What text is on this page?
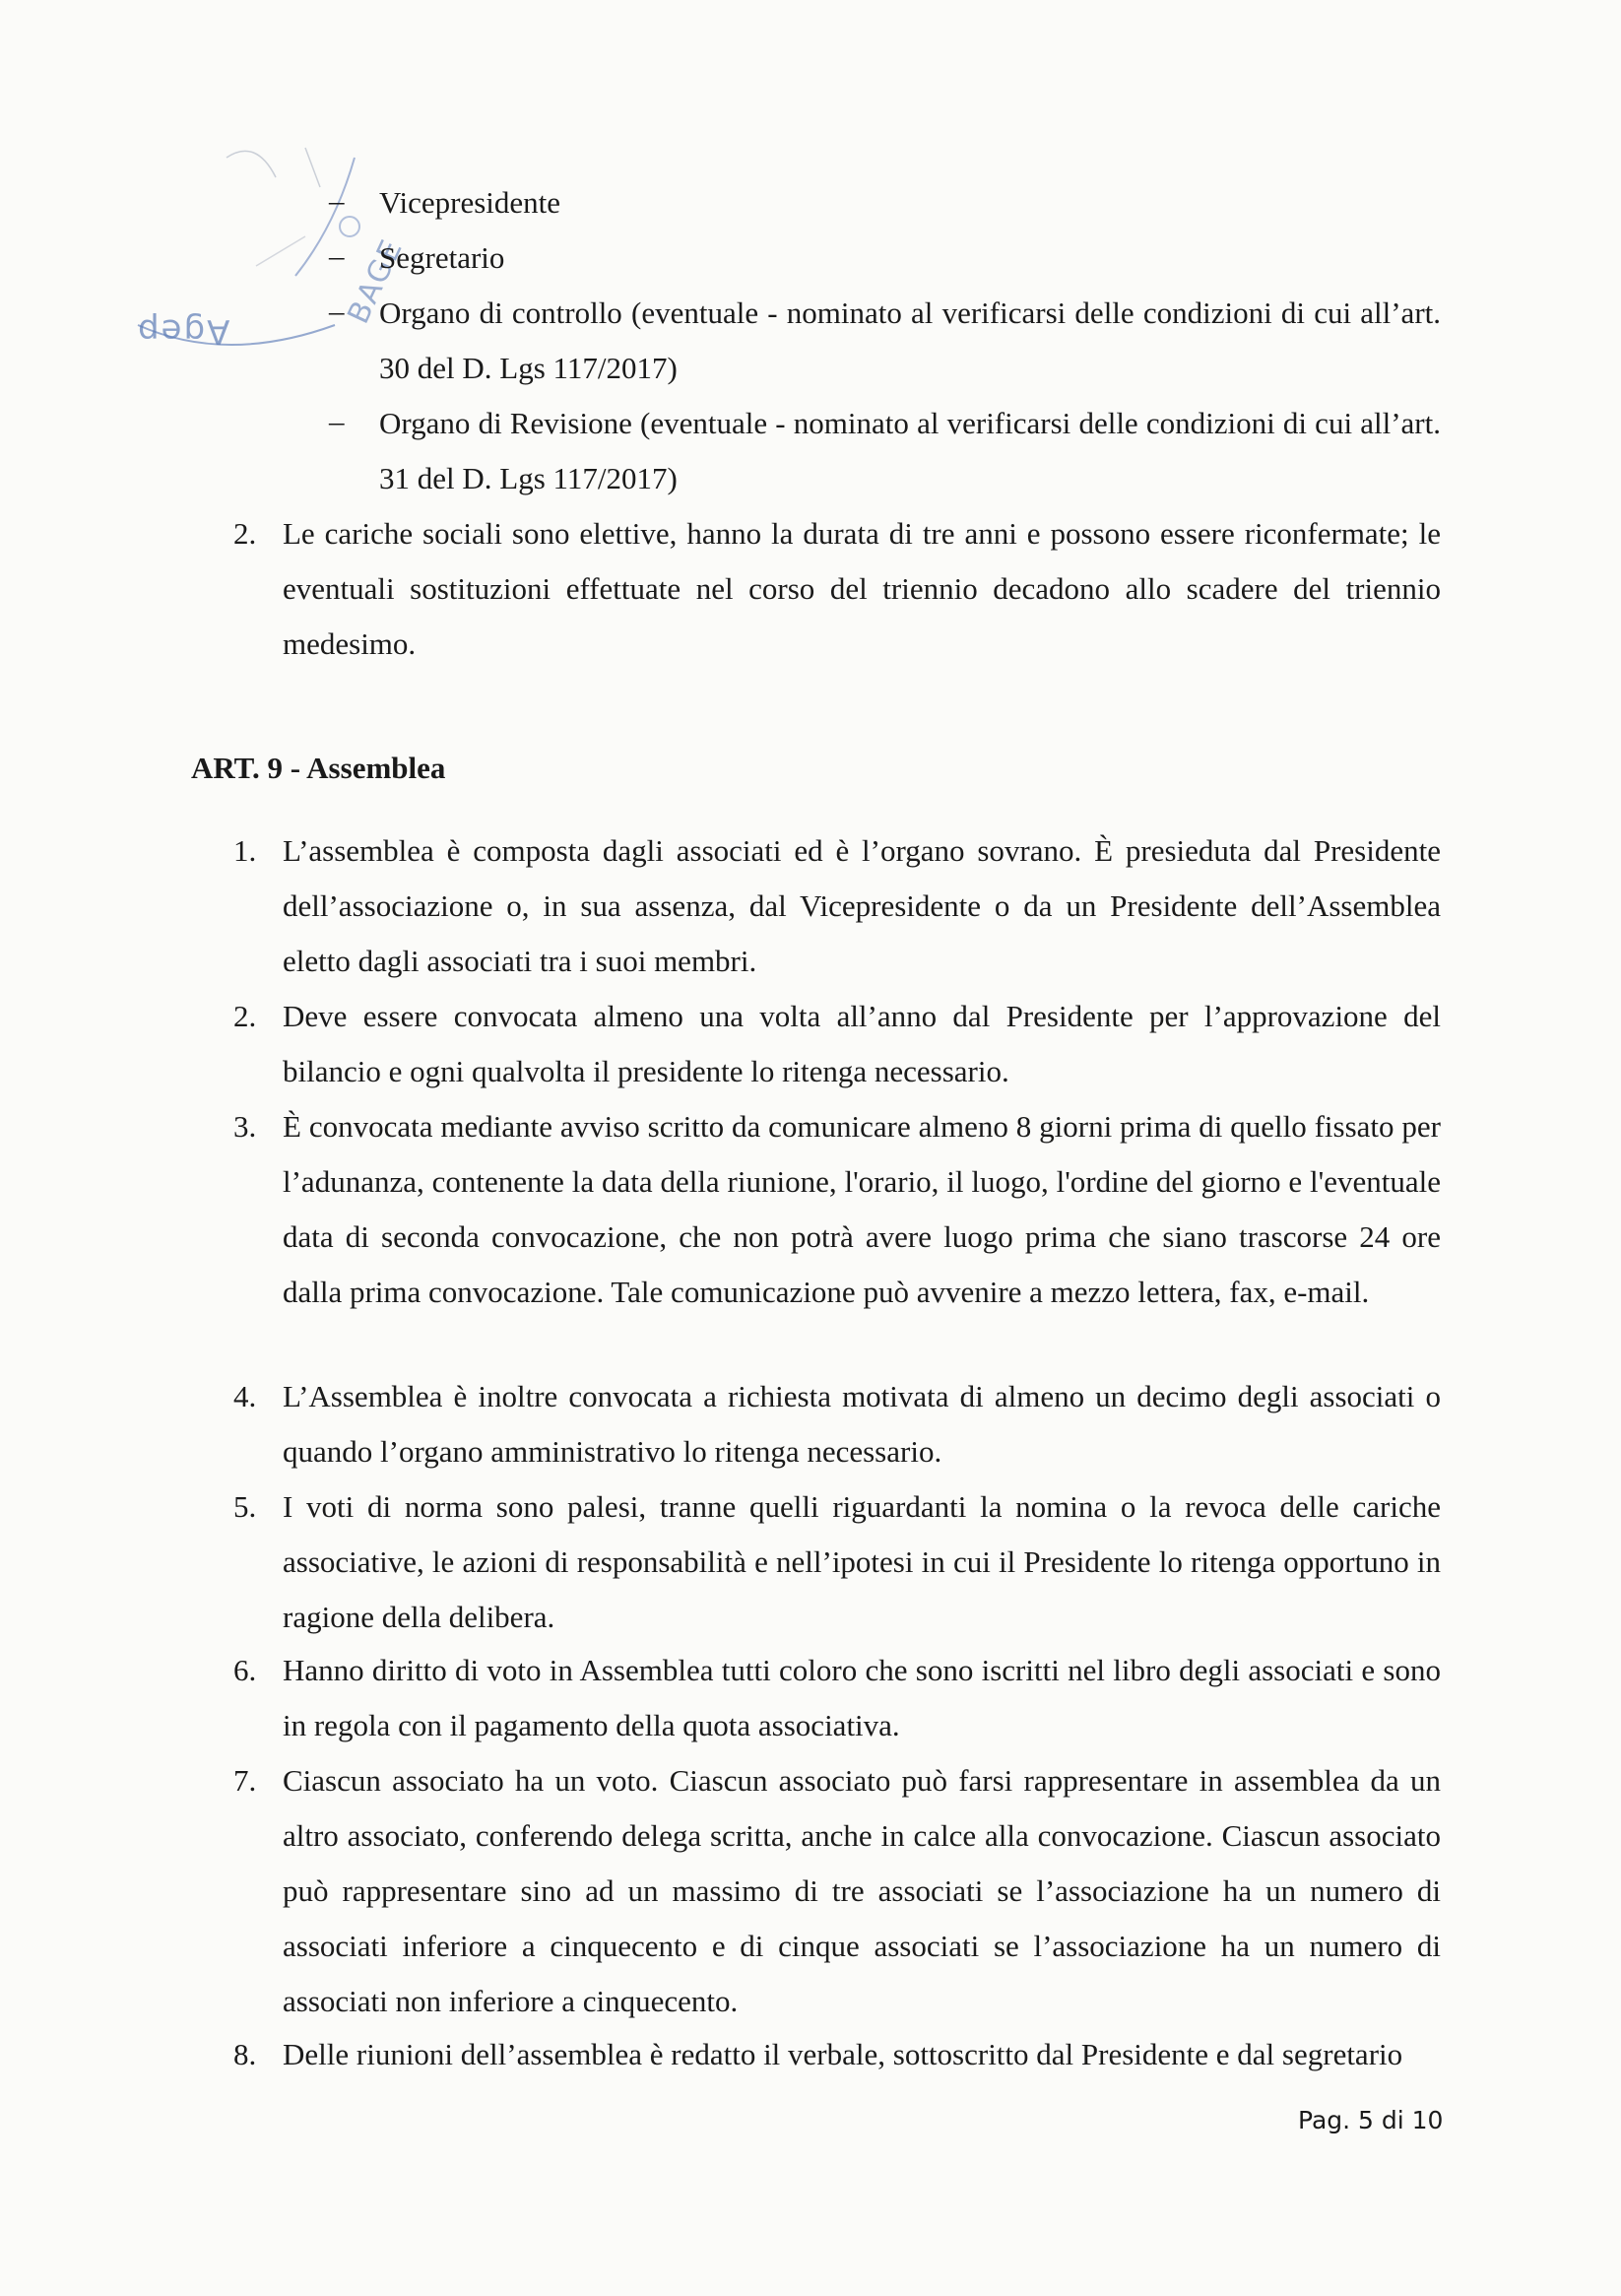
Ageр
BAGE
– Vicepresidente
– Segretario
– Organo di controllo (eventuale - nominato al verificarsi delle condizioni di cui all’art. 30 del D. Lgs 117/2017)
– Organo di Revisione (eventuale - nominato al verificarsi delle condizioni di cui all’art. 31 del D. Lgs 117/2017)
2. Le cariche sociali sono elettive, hanno la durata di tre anni e possono essere riconfermate; le eventuali sostituzioni effettuate nel corso del triennio decadono allo scadere del triennio medesimo.
ART. 9 - Assemblea
1. L’assemblea è composta dagli associati ed è l’organo sovrano. È presieduta dal Presidente dell’associazione o, in sua assenza, dal Vicepresidente o da un Presidente dell’Assemblea eletto dagli associati tra i suoi membri.
2. Deve essere convocata almeno una volta all’anno dal Presidente per l’approvazione del bilancio e ogni qualvolta il presidente lo ritenga necessario.
3. È convocata mediante avviso scritto da comunicare almeno 8 giorni prima di quello fissato per l’adunanza, contenente la data della riunione, l'orario, il luogo, l'ordine del giorno e l'eventuale data di seconda convocazione, che non potrà avere luogo prima che siano trascorse 24 ore dalla prima convocazione. Tale comunicazione può avvenire a mezzo lettera, fax, e-mail.
4. L’Assemblea è inoltre convocata a richiesta motivata di almeno un decimo degli associati o quando l’organo amministrativo lo ritenga necessario.
5. I voti di norma sono palesi, tranne quelli riguardanti la nomina o la revoca delle cariche associative, le azioni di responsabilità e nell’ipotesi in cui il Presidente lo ritenga opportuno in ragione della delibera.
6. Hanno diritto di voto in Assemblea tutti coloro che sono iscritti nel libro degli associati e sono in regola con il pagamento della quota associativa.
7. Ciascun associato ha un voto. Ciascun associato può farsi rappresentare in assemblea da un altro associato, conferendo delega scritta, anche in calce alla convocazione. Ciascun associato può rappresentare sino ad un massimo di tre associati se l’associazione ha un numero di associati inferiore a cinquecento e di cinque associati se l’associazione ha un numero di associati non inferiore a cinquecento.
8. Delle riunioni dell’assemblea è redatto il verbale, sottoscritto dal Presidente e dal segretario
Pag. 5 di 10
